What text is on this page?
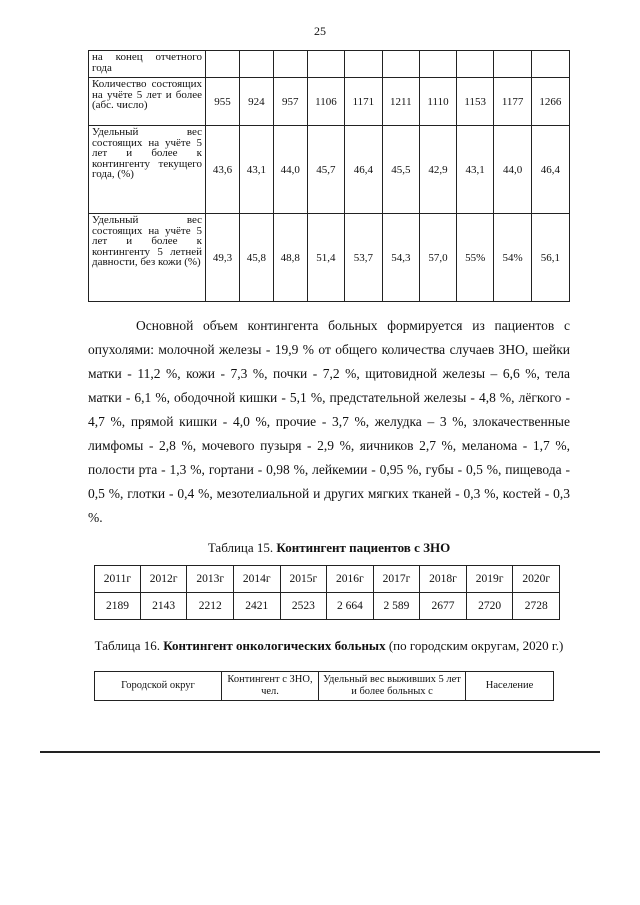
25
на конец отчетного года										
Количество состоящих на учёте 5 лет и более (абс. число)	955	924	957	1106	1171	1211	1110	1153	1177	1266
Удельный вес состоящих на учёте 5 лет и более к контингенту текущего года, (%)	43,6	43,1	44,0	45,7	46,4	45,5	42,9	43,1	44,0	46,4
Удельный вес состоящих на учёте 5 лет и более к контингенту 5 летней давности, без кожи (%)	49,3	45,8	48,8	51,4	53,7	54,3	57,0	55%	54%	56,1

Основной объем контингента больных формируется из пациентов с опухолями: молочной железы - 19,9 % от общего количества случаев ЗНО, шейки матки - 11,2 %, кожи - 7,3 %, почки - 7,2 %, щитовидной железы – 6,6 %, тела матки - 6,1 %, ободочной кишки - 5,1 %, предстательной железы - 4,8 %, лёгкого - 4,7 %, прямой кишки - 4,0 %, прочие - 3,7 %, желудка – 3 %, злокачественные лимфомы - 2,8 %, мочевого пузыря - 2,9 %, яичников 2,7 %, меланома - 1,7 %, полости рта - 1,3 %, гортани - 0,98 %, лейкемии - 0,95 %, губы - 0,5 %, пищевода - 0,5 %, глотки - 0,4 %, мезотелиальной и других мягких тканей - 0,3 %, костей - 0,3 %.

Таблица 15. Контингент пациентов с ЗНО
2011г	2012г	2013г	2014г	2015г	2016г	2017г	2018г	2019г	2020г
2189	2143	2212	2421	2523	2 664	2 589	2677	2720	2728
Таблица 16. Контингент онкологических больных (по городским округам, 2020 г.)
Городской округ	Контингент с ЗНО, чел.	Удельный вес выживших 5 лет и более больных с	Население
